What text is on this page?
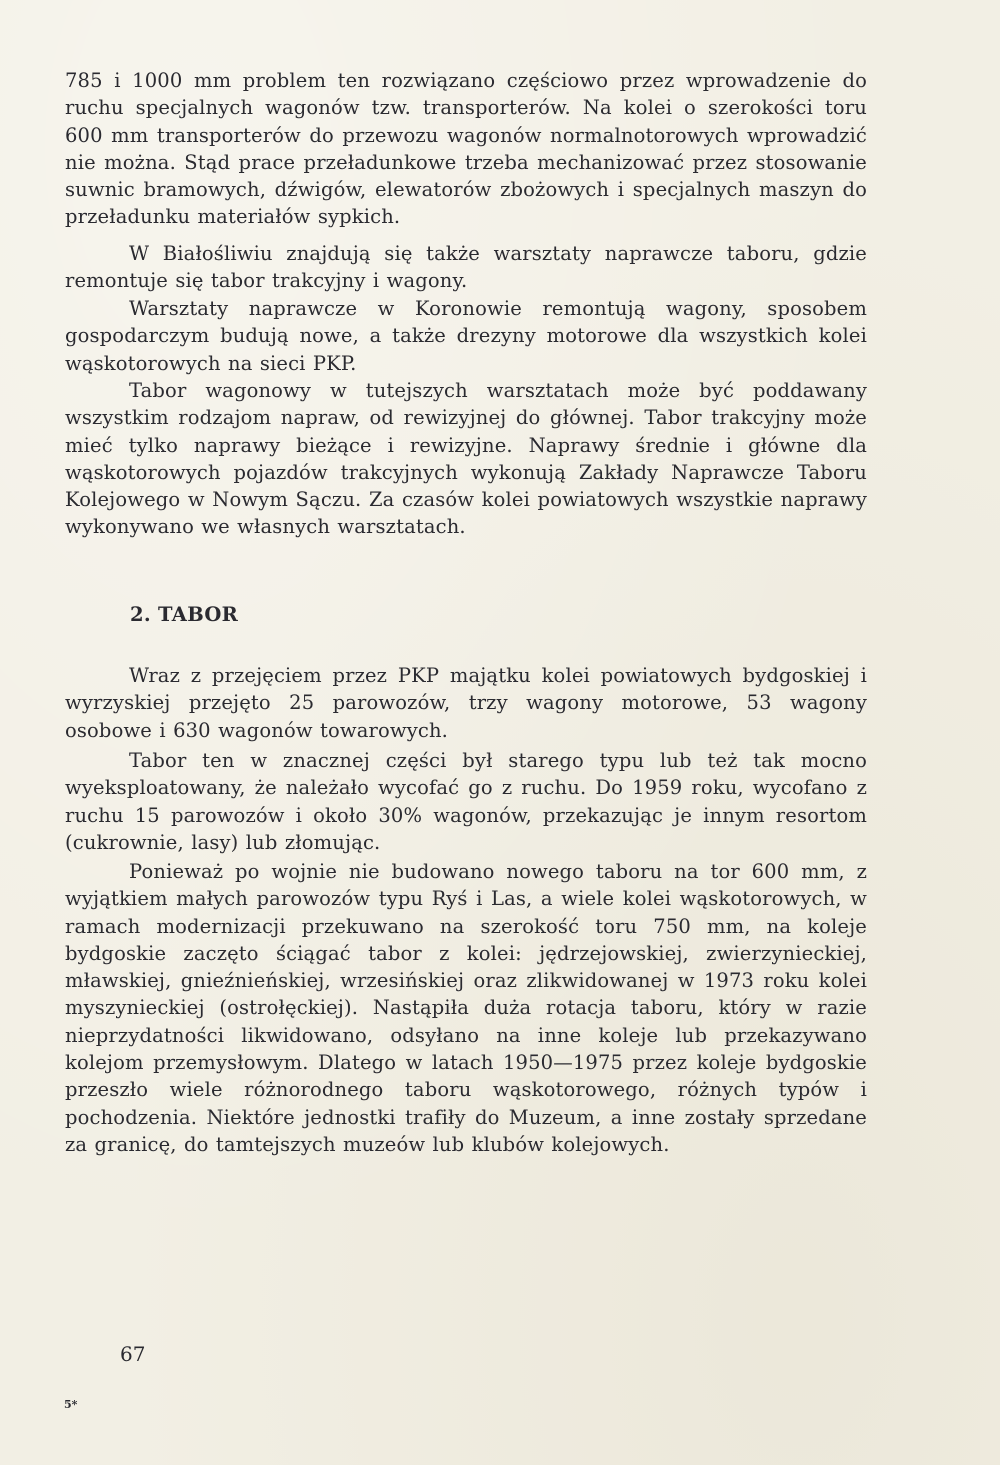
785 i 1000 mm problem ten rozwiązano częściowo przez wprowadzenie do ruchu specjalnych wagonów tzw. transporterów. Na kolei o szerokości toru 600 mm transporterów do przewozu wagonów normalnotorowych wprowadzić nie można. Stąd prace przeładunkowe trzeba mechanizować przez stosowanie suwnic bramowych, dźwigów, elewatorów zbożowych i specjalnych maszyn do przeładunku materiałów sypkich.

W Białośliwiu znajdują się także warsztaty naprawcze taboru, gdzie remontuje się tabor trakcyjny i wagony.

Warsztaty naprawcze w Koronowie remontują wagony, sposobem gospodarczym budują nowe, a także drezyny motorowe dla wszystkich kolei wąskotorowych na sieci PKP.

Tabor wagonowy w tutejszych warsztatach może być poddawany wszystkim rodzajom napraw, od rewizyjnej do głównej. Tabor trakcyjny może mieć tylko naprawy bieżące i rewizyjne. Naprawy średnie i główne dla wąskotorowych pojazdów trakcyjnych wykonują Zakłady Naprawcze Taboru Kolejowego w Nowym Sączu. Za czasów kolei powiatowych wszystkie naprawy wykonywano we własnych warsztatach.

2. TABOR

Wraz z przejęciem przez PKP majątku kolei powiatowych bydgoskiej i wyrzyskiej przejęto 25 parowozów, trzy wagony motorowe, 53 wagony osobowe i 630 wagonów towarowych.

Tabor ten w znacznej części był starego typu lub też tak mocno wyeksploatowany, że należało wycofać go z ruchu. Do 1959 roku, wycofano z ruchu 15 parowozów i około 30% wagonów, przekazując je innym resortom (cukrownie, lasy) lub złomując.

Ponieważ po wojnie nie budowano nowego taboru na tor 600 mm, z wyjątkiem małych parowozów typu Ryś i Las, a wiele kolei wąskotorowych, w ramach modernizacji przekuwano na szerokość toru 750 mm, na koleje bydgoskie zaczęto ściągać tabor z kolei: jędrzejowskiej, zwierzynieckiej, mławskiej, gnieźnieńskiej, wrzesińskiej oraz zlikwidowanej w 1973 roku kolei myszynieckiej (ostrołęckiej). Nastąpiła duża rotacja taboru, który w razie nieprzydatności likwidowano, odsyłano na inne koleje lub przekazywano kolejom przemysłowym. Dlatego w latach 1950—1975 przez koleje bydgoskie przeszło wiele różnorodnego taboru wąskotorowego, różnych typów i pochodzenia. Niektóre jednostki trafiły do Muzeum, a inne zostały sprzedane za granicę, do tamtejszych muzeów lub klubów kolejowych.

67

5*
